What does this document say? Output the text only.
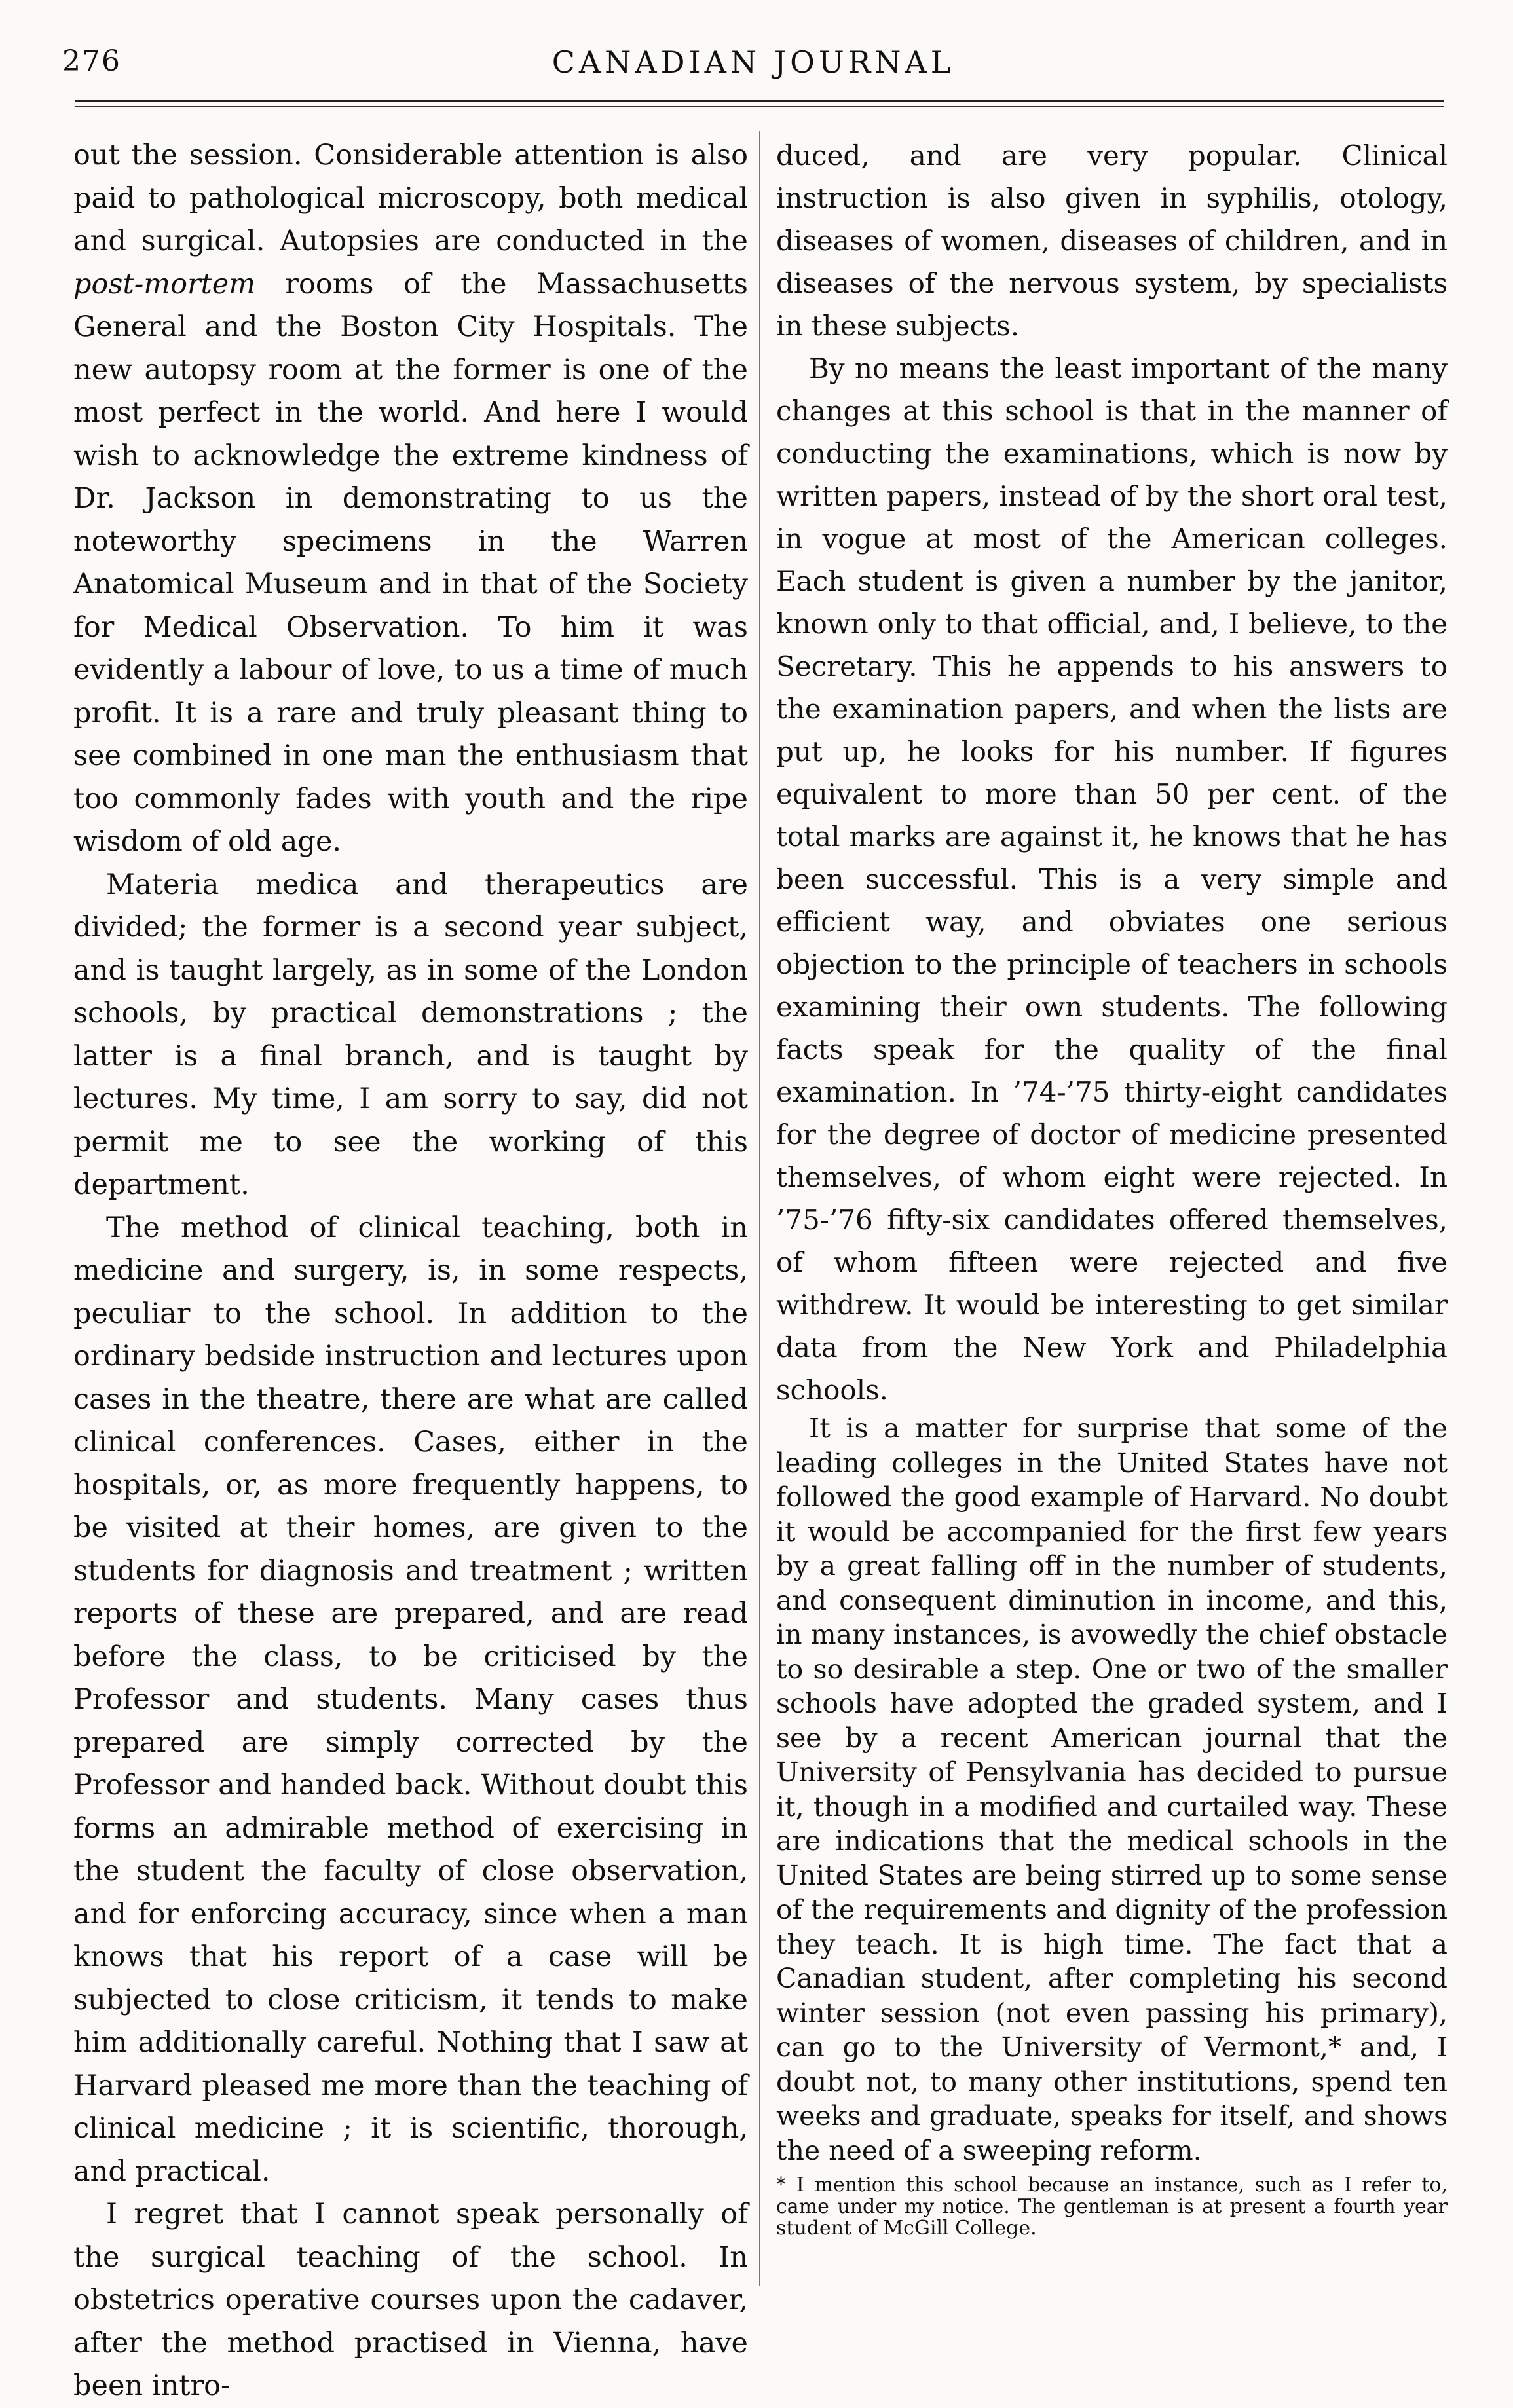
276	CANADIAN JOURNAL

out the session. Considerable attention is also paid to pathological microscopy, both medical and surgical. Autopsies are conducted in the post-mortem rooms of the Massachusetts General and the Boston City Hospitals. The new autopsy room at the former is one of the most perfect in the world. And here I would wish to acknowledge the extreme kindness of Dr. Jackson in demonstrating to us the noteworthy specimens in the Warren Anatomical Museum and in that of the Society for Medical Observation. To him it was evidently a labour of love, to us a time of much profit. It is a rare and truly pleasant thing to see combined in one man the enthusiasm that too commonly fades with youth and the ripe wisdom of old age.

Materia medica and therapeutics are divided; the former is a second year subject, and is taught largely, as in some of the London schools, by practical demonstrations ; the latter is a final branch, and is taught by lectures. My time, I am sorry to say, did not permit me to see the working of this department.

The method of clinical teaching, both in medicine and surgery, is, in some respects, peculiar to the school. In addition to the ordinary bedside instruction and lectures upon cases in the theatre, there are what are called clinical conferences. Cases, either in the hospitals, or, as more frequently happens, to be visited at their homes, are given to the students for diagnosis and treatment ; written reports of these are prepared, and are read before the class, to be criticised by the Professor and students. Many cases thus prepared are simply corrected by the Professor and handed back. Without doubt this forms an admirable method of exercising in the student the faculty of close observation, and for enforcing accuracy, since when a man knows that his report of a case will be subjected to close criticism, it tends to make him additionally careful. Nothing that I saw at Harvard pleased me more than the teaching of clinical medicine ; it is scientific, thorough, and practical.

I regret that I cannot speak personally of the surgical teaching of the school. In obstetrics operative courses upon the cadaver, after the method practised in Vienna, have been intro-

duced, and are very popular. Clinical instruction is also given in syphilis, otology, diseases of women, diseases of children, and in diseases of the nervous system, by specialists in these subjects.

By no means the least important of the many changes at this school is that in the manner of conducting the examinations, which is now by written papers, instead of by the short oral test, in vogue at most of the American colleges. Each student is given a number by the janitor, known only to that official, and, I believe, to the Secretary. This he appends to his answers to the examination papers, and when the lists are put up, he looks for his number. If figures equivalent to more than 50 per cent. of the total marks are against it, he knows that he has been successful. This is a very simple and efficient way, and obviates one serious objection to the principle of teachers in schools examining their own students. The following facts speak for the quality of the final examination. In ’74-’75 thirty-eight candidates for the degree of doctor of medicine presented themselves, of whom eight were rejected. In ’75-’76 fifty-six candidates offered themselves, of whom fifteen were rejected and five withdrew. It would be interesting to get similar data from the New York and Philadelphia schools.

It is a matter for surprise that some of the leading colleges in the United States have not followed the good example of Harvard. No doubt it would be accompanied for the first few years by a great falling off in the number of students, and consequent diminution in income, and this, in many instances, is avowedly the chief obstacle to so desirable a step. One or two of the smaller schools have adopted the graded system, and I see by a recent American journal that the University of Pensylvania has decided to pursue it, though in a modified and curtailed way. These are indications that the medical schools in the United States are being stirred up to some sense of the requirements and dignity of the profession they teach. It is high time. The fact that a Canadian student, after completing his second winter session (not even passing his primary), can go to the University of Vermont,* and, I doubt not, to many other institutions, spend ten weeks and graduate, speaks for itself, and shows the need of a sweeping reform.

* I mention this school because an instance, such as I refer to, came under my notice. The gentleman is at present a fourth year student of McGill College.
